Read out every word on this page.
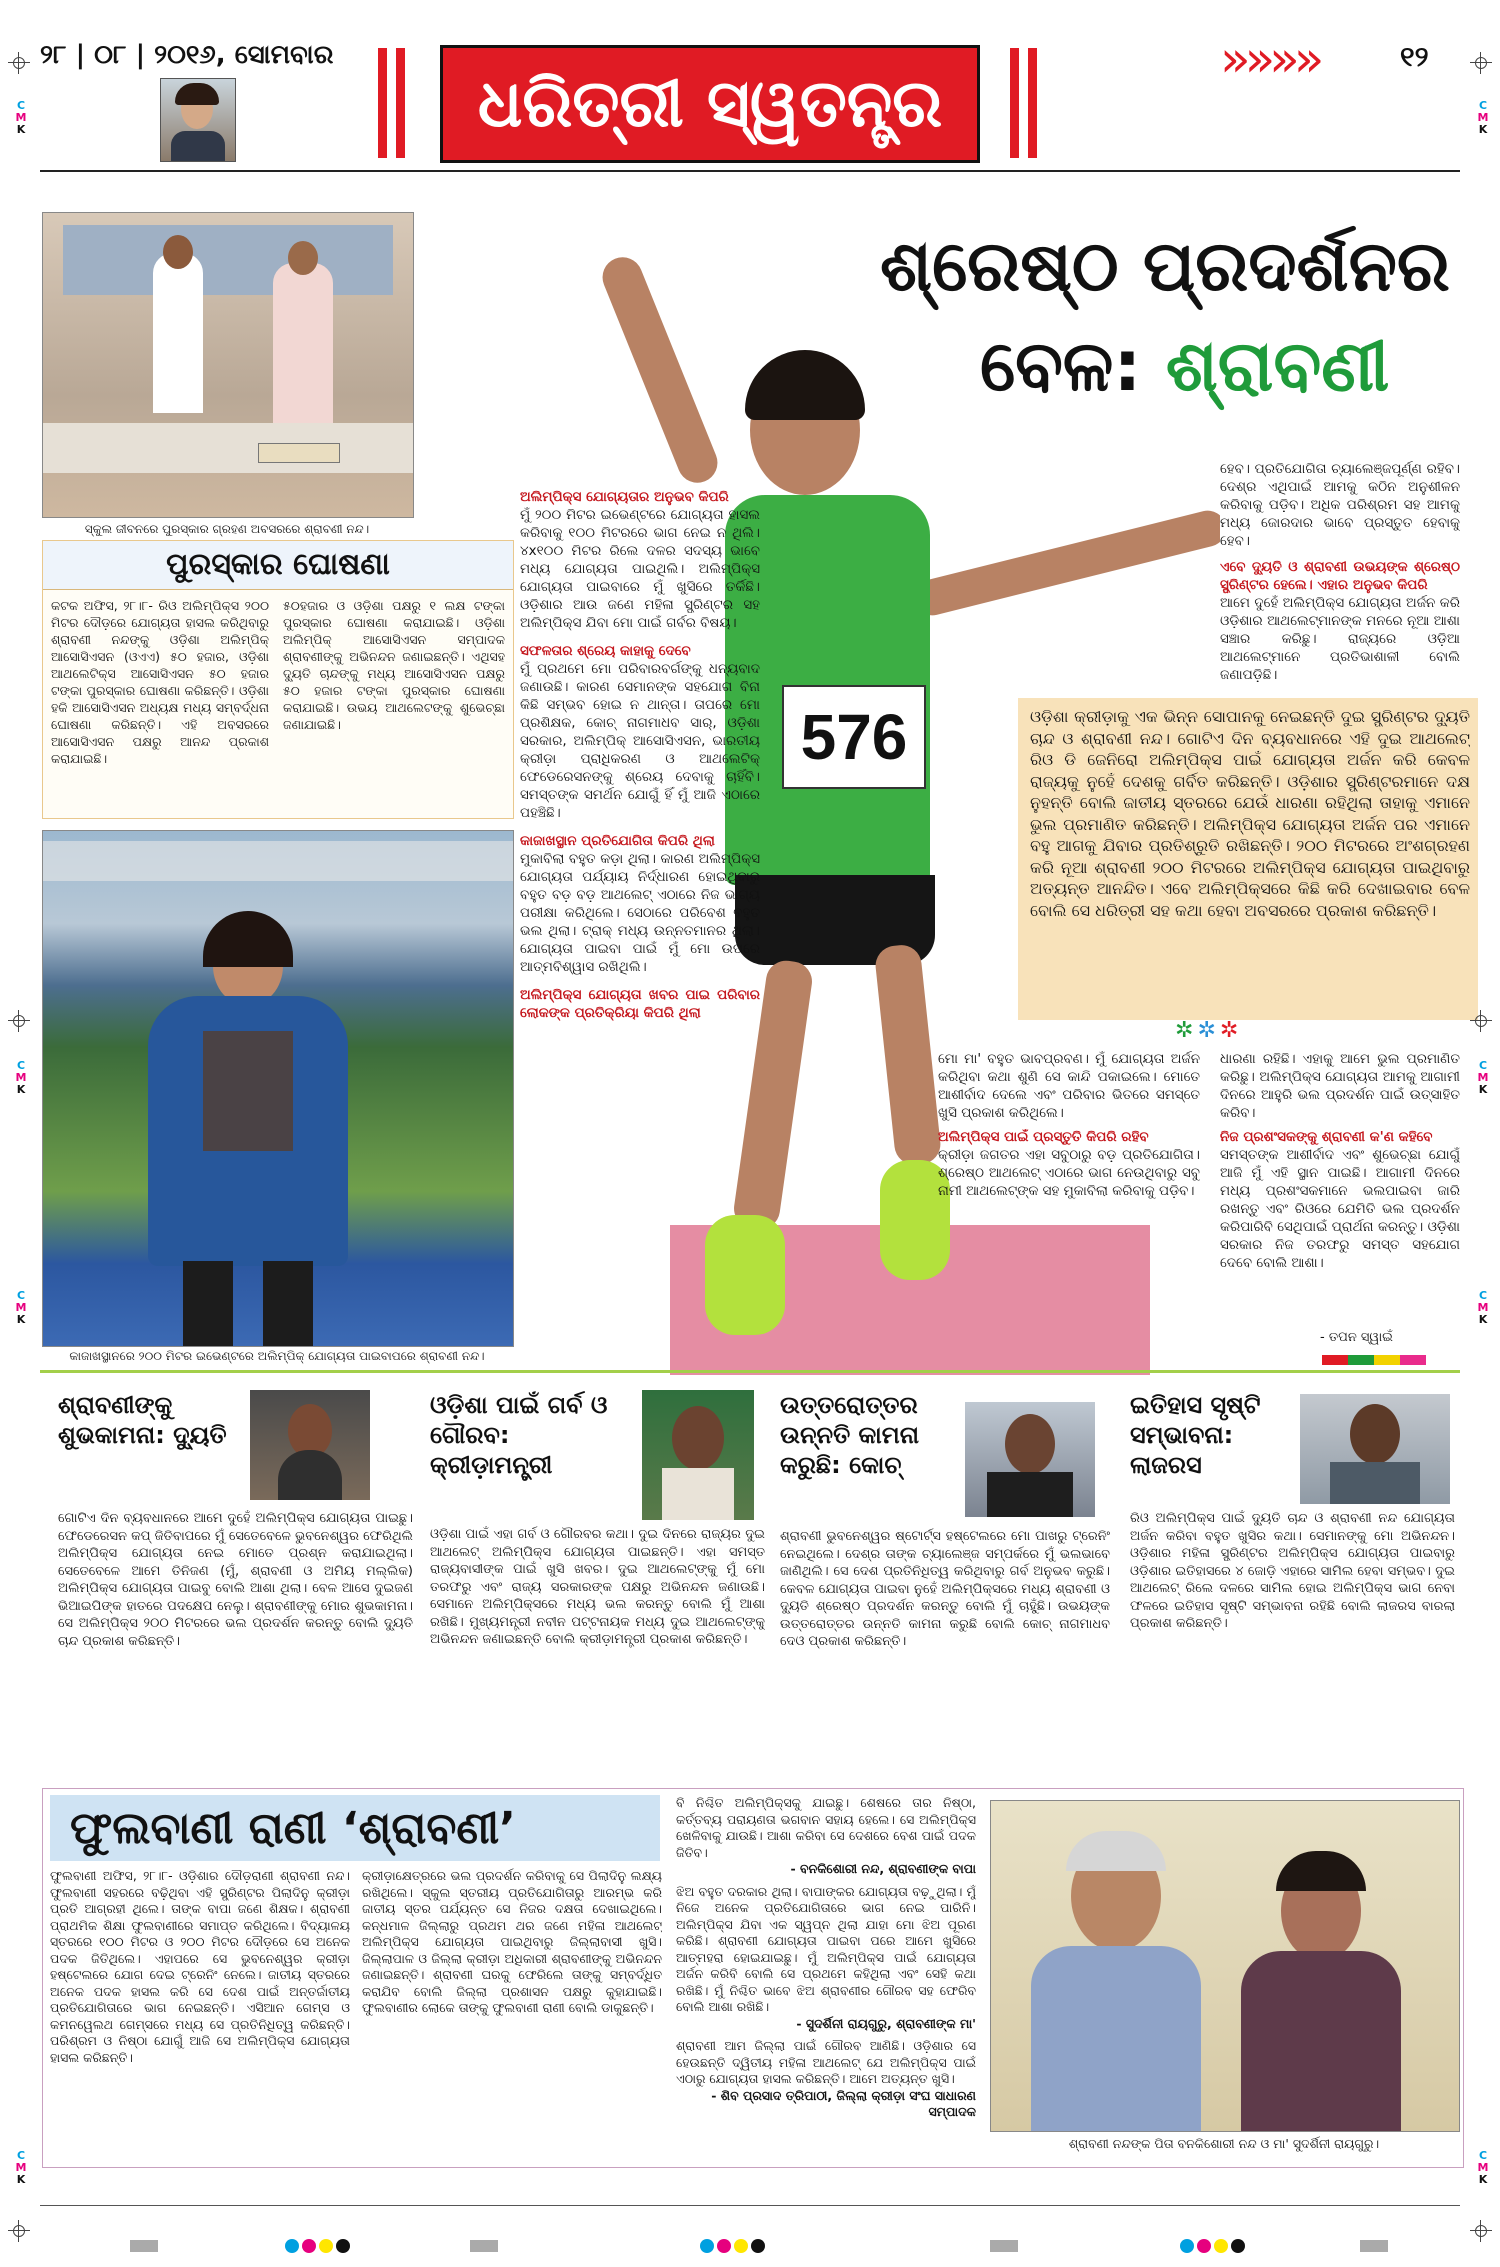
୨୮ | ୦୮ | ୨୦୧୬, ସୋମବାର
ଧରିତ୍ରୀ ସ୍ୱତନ୍ତ୍ର
»»»»	୧୨
ସ୍କୁଲ ଜୀବନରେ ପୁରସ୍କାର ଗ୍ରହଣ ଅବସରରେ ଶ୍ରାବଣୀ ନନ୍ଦ।
ପୁରସ୍କାର ଘୋଷଣା
କଟକ ଅଫିସ, ୨୮।୮- ରିଓ ଅଲିମ୍ପିକ୍ସ ୨୦୦ ମିଟର ଦୌଡ଼ରେ ଯୋଗ୍ୟତା ହାସଲ କରିଥିବାରୁ ଶ୍ରାବଣୀ ନନ୍ଦଙ୍କୁ ଓଡ଼ିଶା ଅଲିମ୍ପିକ୍ ଆସୋସିଏସନ (ଓଏଏ) ୫୦ ହଜାର, ଓଡ଼ିଶା ଆଥଲେଟିକ୍ସ ଆସୋସିଏସନ ୫୦ ହଜାର ଟଙ୍କା ପୁରସ୍କାର ଘୋଷଣା କରିଛନ୍ତି। ଓଡ଼ିଶା ହକି ଆସୋସିଏସନ ଅଧ୍ୟକ୍ଷ ମଧ୍ୟ ସମ୍ବର୍ଦ୍ଧନା ଘୋଷଣା କରିଛନ୍ତି। ଏହି ଅବସରରେ ଆସୋସିଏସନ ପକ୍ଷରୁ ଆନନ୍ଦ ପ୍ରକାଶ କରାଯାଇଛି।
୫୦ହଜାର ଓ ଓଡ଼ିଶା ପକ୍ଷରୁ ୧ ଲକ୍ଷ ଟଙ୍କା ପୁରସ୍କାର ଘୋଷଣା କରାଯାଇଛି। ଓଡ଼ିଶା ଅଲିମ୍ପିକ୍ ଆସୋସିଏସନ ସମ୍ପାଦକ ଶ୍ରାବଣୀଙ୍କୁ ଅଭିନନ୍ଦନ ଜଣାଇଛନ୍ତି। ଏଥିସହ ଦ୍ୟୁତି ଚାନ୍ଦଙ୍କୁ ମଧ୍ୟ ଆସୋସିଏସନ ପକ୍ଷରୁ ୫୦ ହଜାର ଟଙ୍କା ପୁରସ୍କାର ଘୋଷଣା କରାଯାଇଛି। ଉଭୟ ଆଥଲେଟଙ୍କୁ ଶୁଭେଚ୍ଛା ଜଣାଯାଇଛି।
କାଜାଖସ୍ଥାନରେ ୨୦୦ ମିଟର ଇଭେଣ୍ଟରେ ଅଲିମ୍ପିକ୍ ଯୋଗ୍ୟତା ପାଇବାପରେ ଶ୍ରାବଣୀ ନନ୍ଦ।
ଶ୍ରେଷ୍ଠ ପ୍ରଦର୍ଶନର
ବେଳ: ଶ୍ରାବଣୀ
576
ଅଲିମ୍ପିକ୍ସ ଯୋଗ୍ୟତାର ଅନୁଭବ କିପରି
ମୁଁ ୨୦୦ ମିଟର ଇଭେଣ୍ଟରେ ଯୋଗ୍ୟତା ହାସଲ କରିବାକୁ ୧୦୦ ମିଟରରେ ଭାଗ ନେଇ ନ ଥିଲି। ୪x୧୦୦ ମିଟର ରିଲେ ଦଳର ସଦସ୍ୟ ଭାବେ ମଧ୍ୟ ଯୋଗ୍ୟତା ପାଇଥିଲି। ଅଲିମ୍ପିକ୍ସ ଯୋଗ୍ୟତା ପାଇବାରେ ମୁଁ ଖୁସିରେ ତର୍କିଛି। ଓଡ଼ିଶାର ଆଉ ଜଣେ ମହିଳା ସ୍ପ୍ରିଣ୍ଟର ସହ ଅଲିମ୍ପିକ୍ସ ଯିବା ମୋ ପାଇଁ ଗର୍ବର ବିଷୟ।
ସଫଳତାର ଶ୍ରେୟ କାହାକୁ ଦେବେ
ମୁଁ ପ୍ରଥମେ ମୋ ପରିବାରବର୍ଗଙ୍କୁ ଧନ୍ୟବାଦ ଜଣାଉଛି। କାରଣ ସେମାନଙ୍କ ସହଯୋଗ ବିନା କିଛି ସମ୍ଭବ ହୋଇ ନ ଥାନ୍ତା। ତାପରେ ମୋ ପ୍ରଶିକ୍ଷକ, କୋଚ୍ ନାଗମାଧବ ସାର୍, ଓଡ଼ିଶା ସରକାର, ଅଲିମ୍ପିକ୍ ଆସୋସିଏସନ, ଭାରତୀୟ କ୍ରୀଡ଼ା ପ୍ରାଧିକରଣ ଓ ଆଥଲେଟିକ୍ ଫେଡେରେସନଙ୍କୁ ଶ୍ରେୟ ଦେବାକୁ ଚାହିଁବି। ସମସ୍ତଙ୍କ ସମର୍ଥନ ଯୋଗୁଁ ହିଁ ମୁଁ ଆଜି ଏଠାରେ ପହଞ୍ଚିଛି।
କାଜାଖସ୍ଥାନ ପ୍ରତିଯୋଗିତା କିପରି ଥିଲା
ମୁକାବିଲା ବହୁତ କଡ଼ା ଥିଲା। କାରଣ ଅଲିମ୍ପିକ୍ସ ଯୋଗ୍ୟତା ପର୍ଯ୍ୟାୟ ନିର୍ଦ୍ଧାରଣ ହୋଇଥିବାରୁ ବହୁତ ବଡ଼ ବଡ଼ ଆଥଲେଟ୍ ଏଠାରେ ନିଜ ଭାଗ୍ୟ ପରୀକ୍ଷା କରିଥିଲେ। ସେଠାରେ ପରିବେଶ ବହୁତ ଭଲ ଥିଲା। ଟ୍ରାକ୍ ମଧ୍ୟ ଉନ୍ନତମାନର ଥିଲା। ଯୋଗ୍ୟତା ପାଇବା ପାଇଁ ମୁଁ ମୋ ଉପରେ ଆତ୍ମବିଶ୍ୱାସ ରଖିଥିଲି।
ଅଲିମ୍ପିକ୍ସ ଯୋଗ୍ୟତା ଖବର ପାଇ ପରିବାର ଲୋକଙ୍କ ପ୍ରତିକ୍ରିୟା କିପରି ଥିଲା
ଓଡ଼ିଶା କ୍ରୀଡ଼ାକୁ ଏକ ଭିନ୍ନ ସୋପାନକୁ ନେଇଛନ୍ତି ଦୁଇ ସ୍ପ୍ରିଣ୍ଟର ଦ୍ୟୁତି ଚାନ୍ଦ ଓ ଶ୍ରାବଣୀ ନନ୍ଦ। ଗୋଟିଏ ଦିନ ବ୍ୟବଧାନରେ ଏହି ଦୁଇ ଆଥଲେଟ୍ ରିଓ ଡି ଜେନିରୋ ଅଲିମ୍ପିକ୍ସ ପାଇଁ ଯୋଗ୍ୟତା ଅର୍ଜନ କରି କେବଳ ରାଜ୍ୟକୁ ନୁହେଁ ଦେଶକୁ ଗର୍ବିତ କରିଛନ୍ତି। ଓଡ଼ିଶାର ସ୍ପ୍ରିଣ୍ଟରମାନେ ଦକ୍ଷ ନୁହନ୍ତି ବୋଲି ଜାତୀୟ ସ୍ତରରେ ଯେଉଁ ଧାରଣା ରହିଥିଲା ତାହାକୁ ଏମାନେ ଭୁଲ ପ୍ରମାଣିତ କରିଛନ୍ତି। ଅଲିମ୍ପିକ୍ସ ଯୋଗ୍ୟତା ଅର୍ଜନ ପର ଏମାନେ ବହୁ ଆଗକୁ ଯିବାର ପ୍ରତିଶ୍ରୁତି ରଖିଛନ୍ତି। ୨୦୦ ମିଟରରେ ଅଂଶଗ୍ରହଣ କରି ନୂଆ ଶ୍ରାବଣୀ ୨୦୦ ମିଟରରେ ଅଲିମ୍ପିକ୍ସ ଯୋଗ୍ୟତା ପାଇଥିବାରୁ ଅତ୍ୟନ୍ତ ଆନନ୍ଦିତ। ଏବେ ଅଲିମ୍ପିକ୍ସରେ କିଛି କରି ଦେଖାଇବାର ବେଳ ବୋଲି ସେ ଧରିତ୍ରୀ ସହ କଥା ହେବା ଅବସରରେ ପ୍ରକାଶ କରିଛନ୍ତି।
ହେବ। ପ୍ରତିଯୋଗିତା ଚ୍ୟାଲେଞ୍ଜପୂର୍ଣ୍ଣ ରହିବ। ଦେଶ୍ର ଏଥିପାଇଁ ଆମକୁ କଠିନ ଅନୁଶୀଳନ କରିବାକୁ ପଡ଼ିବ। ଅଧିକ ପରିଶ୍ରମ ସହ ଆମକୁ ମଧ୍ୟ ଜୋରଦାର ଭାବେ ପ୍ରସ୍ତୁତ ହେବାକୁ ହେବ।
ଏବେ ଦ୍ୟୁତି ଓ ଶ୍ରାବଣୀ ଉଭୟଙ୍କ ଶ୍ରେଷ୍ଠ ସ୍ପ୍ରିଣ୍ଟର ହେଲେ। ଏହାର ଅନୁଭବ କିପରି
ଆମେ ଦୁହେଁ ଅଲିମ୍ପିକ୍ସ ଯୋଗ୍ୟତା ଅର୍ଜନ କରି ଓଡ଼ିଶାର ଆଥଲେଟ୍‌ମାନଙ୍କ ମନରେ ନୂଆ ଆଶା ସଞ୍ଚାର କରିଛୁ। ରାଜ୍ୟରେ ଓଡ଼ିଆ ଆଥଲେଟ୍‌ମାନେ ପ୍ରତିଭାଶାଳୀ ବୋଲି ଜଣାପଡ଼ିଛି।
✲✲✲
ମୋ ମା' ବହୁତ ଭାବପ୍ରବଣ। ମୁଁ ଯୋଗ୍ୟତା ଅର୍ଜନ କରିଥିବା କଥା ଶୁଣି ସେ କାନ୍ଦି ପକାଇଲେ। ମୋତେ ଆଶୀର୍ବାଦ ଦେଲେ ଏବଂ ପରିବାର ଭିତରେ ସମସ୍ତେ ଖୁସି ପ୍ରକାଶ କରିଥିଲେ।
ଅଲିମ୍ପିକ୍ସ ପାଇଁ ପ୍ରସ୍ତୁତି କିପରି ରହିବ
କ୍ରୀଡ଼ା ଜଗତର ଏହା ସବୁଠାରୁ ବଡ଼ ପ୍ରତିଯୋଗିତା। ଶ୍ରେଷ୍ଠ ଆଥଲେଟ୍ ଏଠାରେ ଭାଗ ନେଉଥିବାରୁ ସବୁ ନାମୀ ଆଥଲେଟ୍‌ଙ୍କ ସହ ମୁକାବିଲା କରିବାକୁ ପଡ଼ିବ।
ଧାରଣା ରହିଛି। ଏହାକୁ ଆମେ ଭୁଲ ପ୍ରମାଣିତ କରିଛୁ। ଅଲିମ୍ପିକ୍ସ ଯୋଗ୍ୟତା ଆମକୁ ଆଗାମୀ ଦିନରେ ଆହୁରି ଭଲ ପ୍ରଦର୍ଶନ ପାଇଁ ଉତ୍ସାହିତ କରିବ।
ନିଜ ପ୍ରଶଂସକଙ୍କୁ ଶ୍ରାବଣୀ କ'ଣ କହିବେ
ସମସ୍ତଙ୍କ ଆଶୀର୍ବାଦ ଏବଂ ଶୁଭେଚ୍ଛା ଯୋଗୁଁ ଆଜି ମୁଁ ଏହି ସ୍ଥାନ ପାଇଛି। ଆଗାମୀ ଦିନରେ ମଧ୍ୟ ପ୍ରଶଂସକମାନେ ଭଲପାଇବା ଜାରି ରଖନ୍ତୁ ଏବଂ ରିଓରେ ଯେମିତି ଭଲ ପ୍ରଦର୍ଶନ କରିପାରିବି ସେଥିପାଇଁ ପ୍ରାର୍ଥନା କରନ୍ତୁ। ଓଡ଼ିଶା ସରକାର ନିଜ ତରଫରୁ ସମସ୍ତ ସହଯୋଗ ଦେବେ ବୋଲି ଆଶା।
- ତପନ ସ୍ୱାଇଁ
ଶ୍ରାବଣୀଙ୍କୁ ଶୁଭକାମନା: ଦ୍ୟୁତି
ଗୋଟିଏ ଦିନ ବ୍ୟବଧାନରେ ଆମେ ଦୁହେଁ ଅଲିମ୍ପିକ୍ସ ଯୋଗ୍ୟତା ପାଇଛୁ। ଫେଡେରେସନ କପ୍ ଜିତିବାପରେ ମୁଁ ସେତେବେଳେ ଭୁବନେଶ୍ୱର ଫେରିଥିଲି ଅଲିମ୍ପିକ୍ସ ଯୋଗ୍ୟତା ନେଇ ମୋତେ ପ୍ରଶ୍ନ କରାଯାଇଥିଲା। ସେତେବେଳେ ଆମେ ତିନିଜଣ (ମୁଁ, ଶ୍ରାବଣୀ ଓ ଅମିୟ ମଲ୍ଲିକ) ଅଲିମ୍ପିକ୍ସ ଯୋଗ୍ୟତା ପାଇବୁ ବୋଲି ଆଶା ଥିଲା। ବେଳ ଆସେ ଦୁଇଜଣ ଭିଆଇପିଙ୍କ ହାତରେ ପଦକ୍ଷେପ ନେଲୁ। ଶ୍ରାବଣୀଙ୍କୁ ମୋର ଶୁଭକାମନା। ସେ ଅଲିମ୍ପିକ୍ସ ୨୦୦ ମିଟରରେ ଭଲ ପ୍ରଦର୍ଶନ କରନ୍ତୁ ବୋଲି ଦ୍ୟୁତି ଚାନ୍ଦ ପ୍ରକାଶ କରିଛନ୍ତି।
ଓଡ଼ିଶା ପାଇଁ ଗର୍ବ ଓ ଗୌରବ: କ୍ରୀଡ଼ାମନ୍ତ୍ରୀ
ଓଡ଼ିଶା ପାଇଁ ଏହା ଗର୍ବ ଓ ଗୌରବର କଥା। ଦୁଇ ଦିନରେ ରାଜ୍ୟର ଦୁଇ ଆଥଲେଟ୍ ଅଲିମ୍ପିକ୍ସ ଯୋଗ୍ୟତା ପାଇଛନ୍ତି। ଏହା ସମସ୍ତ ରାଜ୍ୟବାସୀଙ୍କ ପାଇଁ ଖୁସି ଖବର। ଦୁଇ ଆଥଲେଟ୍‌ଙ୍କୁ ମୁଁ ମୋ ତରଫରୁ ଏବଂ ରାଜ୍ୟ ସରକାରଙ୍କ ପକ୍ଷରୁ ଅଭିନନ୍ଦନ ଜଣାଉଛି। ସେମାନେ ଅଲିମ୍ପିକ୍ସରେ ମଧ୍ୟ ଭଲ କରନ୍ତୁ ବୋଲି ମୁଁ ଆଶା ରଖିଛି। ମୁଖ୍ୟମନ୍ତ୍ରୀ ନବୀନ ପଟ୍ଟନାୟକ ମଧ୍ୟ ଦୁଇ ଆଥଲେଟ୍‌ଙ୍କୁ ଅଭିନନ୍ଦନ ଜଣାଇଛନ୍ତି ବୋଲି କ୍ରୀଡ଼ାମନ୍ତ୍ରୀ ପ୍ରକାଶ କରିଛନ୍ତି।
ଉତ୍ତରୋତ୍ତର ଉନ୍ନତି କାମନା କରୁଛି: କୋଚ୍
ଶ୍ରାବଣୀ ଭୁବନେଶ୍ୱର ଷ୍ଟୋର୍ଟ୍ସ ହଷ୍ଟେଲରେ ମୋ ପାଖରୁ ଟ୍ରେନିଂ ନେଇଥିଲେ। ଦେଶ୍ର ତାଙ୍କ ଚ୍ୟାଲେଞ୍ଜ ସମ୍ପର୍କରେ ମୁଁ ଭଲଭାବେ ଜାଣିଥିଲି। ସେ ଦେଶ ପ୍ରତିନିଧିତ୍ୱ କରିଥିବାରୁ ଗର୍ବ ଅନୁଭବ କରୁଛି। କେବଳ ଯୋଗ୍ୟତା ପାଇବା ନୁହେଁ ଅଲିମ୍ପିକ୍ସରେ ମଧ୍ୟ ଶ୍ରାବଣୀ ଓ ଦ୍ୟୁତି ଶ୍ରେଷ୍ଠ ପ୍ରଦର୍ଶନ କରନ୍ତୁ ବୋଲି ମୁଁ ଚାହୁଁଛି। ଉଭୟଙ୍କ ଉତ୍ତରୋତ୍ତର ଉନ୍ନତି କାମନା କରୁଛି ବୋଲି କୋଚ୍ ନାଗମାଧବ ଦେଓ ପ୍ରକାଶ କରିଛନ୍ତି।
ଇତିହାସ ସୃଷ୍ଟି ସମ୍ଭାବନା: ଲାଜରସ
ରିଓ ଅଲିମ୍ପିକ୍ସ ପାଇଁ ଦ୍ୟୁତି ଚାନ୍ଦ ଓ ଶ୍ରାବଣୀ ନନ୍ଦ ଯୋଗ୍ୟତା ଅର୍ଜନ କରିବା ବହୁତ ଖୁସିର କଥା। ସେମାନଙ୍କୁ ମୋ ଅଭିନନ୍ଦନ। ଓଡ଼ିଶାର ମହିଳା ସ୍ପ୍ରିଣ୍ଟର ଅଲିମ୍ପିକ୍ସ ଯୋଗ୍ୟତା ପାଇବାରୁ ଓଡ଼ିଶାର ଇତିହାସରେ ୪ ଜୋଡ଼ି ଏହାରେ ସାମିଲ ହେବା ସମ୍ଭବ। ଦୁଇ ଆଥଲେଟ୍ ରିଲେ ଦଳରେ ସାମିଲ ହୋଇ ଅଲିମ୍ପିକ୍ସ ଭାଗ ନେବା ଫଳରେ ଇତିହାସ ସୃଷ୍ଟି ସମ୍ଭାବନା ରହିଛି ବୋଲି ଲାଜରସ ବାରଲା ପ୍ରକାଶ କରିଛନ୍ତି।
ଫୁଲବାଣୀ ରାଣୀ ‘ଶ୍ରାବଣୀ’
ଫୁଲବାଣୀ ଅଫିସ, ୨୮।୮- ଓଡ଼ିଶାର ଦୌଡ଼ରାଣୀ ଶ୍ରାବଣୀ ନନ୍ଦ। ଫୁଲବାଣୀ ସହରରେ ବଢ଼ିଥିବା ଏହି ସ୍ପ୍ରିଣ୍ଟର ପିଲାଦିନୁ କ୍ରୀଡ଼ା ପ୍ରତି ଆଗ୍ରହୀ ଥିଲେ। ତାଙ୍କ ବାପା ଜଣେ ଶିକ୍ଷକ। ଶ୍ରାବଣୀ ପ୍ରାଥମିକ ଶିକ୍ଷା ଫୁଲବାଣୀରେ ସମାପ୍ତ କରିଥିଲେ। ବିଦ୍ୟାଳୟ ସ୍ତରରେ ୧୦୦ ମିଟର ଓ ୨୦୦ ମିଟର ଦୌଡ଼ରେ ସେ ଅନେକ ପଦକ ଜିତିଥିଲେ। ଏହାପରେ ସେ ଭୁବନେଶ୍ୱର କ୍ରୀଡ଼ା ହଷ୍ଟେଲରେ ଯୋଗ ଦେଇ ଟ୍ରେନିଂ ନେଲେ। ଜାତୀୟ ସ୍ତରରେ ଅନେକ ପଦକ ହାସଲ କରି ସେ ଦେଶ ପାଇଁ ଅନ୍ତର୍ଜାତୀୟ ପ୍ରତିଯୋଗିତାରେ ଭାଗ ନେଇଛନ୍ତି। ଏସିଆନ ଗେମ୍ସ ଓ କମନୱେଲଥ ଗେମ୍ସରେ ମଧ୍ୟ ସେ ପ୍ରତିନିଧିତ୍ୱ କରିଛନ୍ତି। ପରିଶ୍ରମ ଓ ନିଷ୍ଠା ଯୋଗୁଁ ଆଜି ସେ ଅଲିମ୍ପିକ୍ସ ଯୋଗ୍ୟତା ହାସଲ କରିଛନ୍ତି।
କ୍ରୀଡ଼ାକ୍ଷେତ୍ରରେ ଭଲ ପ୍ରଦର୍ଶନ କରିବାକୁ ସେ ପିଲାଦିନୁ ଲକ୍ଷ୍ୟ ରଖିଥିଲେ। ସ୍କୁଲ ସ୍ତରୀୟ ପ୍ରତିଯୋଗିତାରୁ ଆରମ୍ଭ କରି ଜାତୀୟ ସ୍ତର ପର୍ଯ୍ୟନ୍ତ ସେ ନିଜର ଦକ୍ଷତା ଦେଖାଇଥିଲେ। କନ୍ଧମାଳ ଜିଲ୍ଲାରୁ ପ୍ରଥମ ଥର ଜଣେ ମହିଳା ଆଥଲେଟ୍ ଅଲିମ୍ପିକ୍ସ ଯୋଗ୍ୟତା ପାଇଥିବାରୁ ଜିଲ୍ଲାବାସୀ ଖୁସି। ଜିଲ୍ଲାପାଳ ଓ ଜିଲ୍ଲା କ୍ରୀଡ଼ା ଅଧିକାରୀ ଶ୍ରାବଣୀଙ୍କୁ ଅଭିନନ୍ଦନ ଜଣାଇଛନ୍ତି। ଶ୍ରାବଣୀ ଘରକୁ ଫେରିଲେ ତାଙ୍କୁ ସମ୍ବର୍ଦ୍ଧିତ କରାଯିବ ବୋଲି ଜିଲ୍ଲା ପ୍ରଶାସନ ପକ୍ଷରୁ କୁହାଯାଇଛି। ଫୁଲବାଣୀର ଲୋକେ ତାଙ୍କୁ ଫୁଲବାଣୀ ରାଣୀ ବୋଲି ଡାକୁଛନ୍ତି।
ବି ନିଶ୍ଚିତ ଅଲିମ୍ପିକ୍ସକୁ ଯାଇଛୁ। ଶେଷରେ ତାର ନିଷ୍ଠା, କର୍ତ୍ତବ୍ୟ ପରାୟଣତା ଭଗବାନ ସହାୟ ହେଲେ। ସେ ଅଲିମ୍ପିକ୍ସ ଖେଳିବାକୁ ଯାଉଛି। ଆଶା କରିବା ସେ ଦେଶରେ ବେଶ ପାଇଁ ପଦକ ଜିତିବ।
- ବନକିଶୋରୀ ନନ୍ଦ, ଶ୍ରାବଣୀଙ୍କ ବାପା
ଝିଅ ବହୁତ ଦରକାର ଥିଲା। ବାପାଙ୍କର ଯୋଗ୍ୟତା ବଢ଼ୁଥିଲା। ମୁଁ ନିଜେ ଅନେକ ପ୍ରତିଯୋଗିତାରେ ଭାଗ ନେଇ ପାରିନି। ଅଲିମ୍ପିକ୍ସ ଯିବା ଏକ ସ୍ୱପ୍ନ ଥିଲା ଯାହା ମୋ ଝିଅ ପୂରଣ କରିଛି। ଶ୍ରାବଣୀ ଯୋଗ୍ୟତା ପାଇବା ପରେ ଆମେ ଖୁସିରେ ଆତ୍ମହରା ହୋଇଯାଇଛୁ। ମୁଁ ଅଲିମ୍ପିକ୍ସ ପାଇଁ ଯୋଗ୍ୟତା ଅର୍ଜନ କରିବି ବୋଲି ସେ ପ୍ରଥମେ କହିଥିଲା ଏବଂ ସେହି କଥା ରଖିଛି। ମୁଁ ନିଶ୍ଚିତ ଭାବେ ଝିଅ ଶ୍ରାବଣୀର ଗୌରବ ସହ ଫେରିବ ବୋଲି ଆଶା ରଖିଛି।
- ସୁଦର୍ଶିନୀ ରାୟଗୁରୁ, ଶ୍ରାବଣୀଙ୍କ ମା'
ଶ୍ରାବଣୀ ଆମ ଜିଲ୍ଲା ପାଇଁ ଗୌରବ ଆଣିଛି। ଓଡ଼ିଶାର ସେ ହେଉଛନ୍ତି ଦ୍ୱିତୀୟ ମହିଳା ଆଥଲେଟ୍ ଯେ ଅଲିମ୍ପିକ୍ସ ପାଇଁ ଏଠାରୁ ଯୋଗ୍ୟତା ହାସଲ କରିଛନ୍ତି। ଆମେ ଅତ୍ୟନ୍ତ ଖୁସି।
- ଶିବ ପ୍ରସାଦ ତ୍ରିପାଠୀ, ଜିଲ୍ଲା କ୍ରୀଡ଼ା ସଂଘ ସାଧାରଣ ସମ୍ପାଦକ
ଶ୍ରାବଣୀ ନନ୍ଦଙ୍କ ପିତା ବନକିଶୋରୀ ନନ୍ଦ ଓ ମା' ସୁଦର୍ଶିନୀ ରାୟଗୁରୁ।
C
M
K
C
M
K
C
M
K
C
M
K
C
M
K
C
M
K
C
M
K
C
M
K
